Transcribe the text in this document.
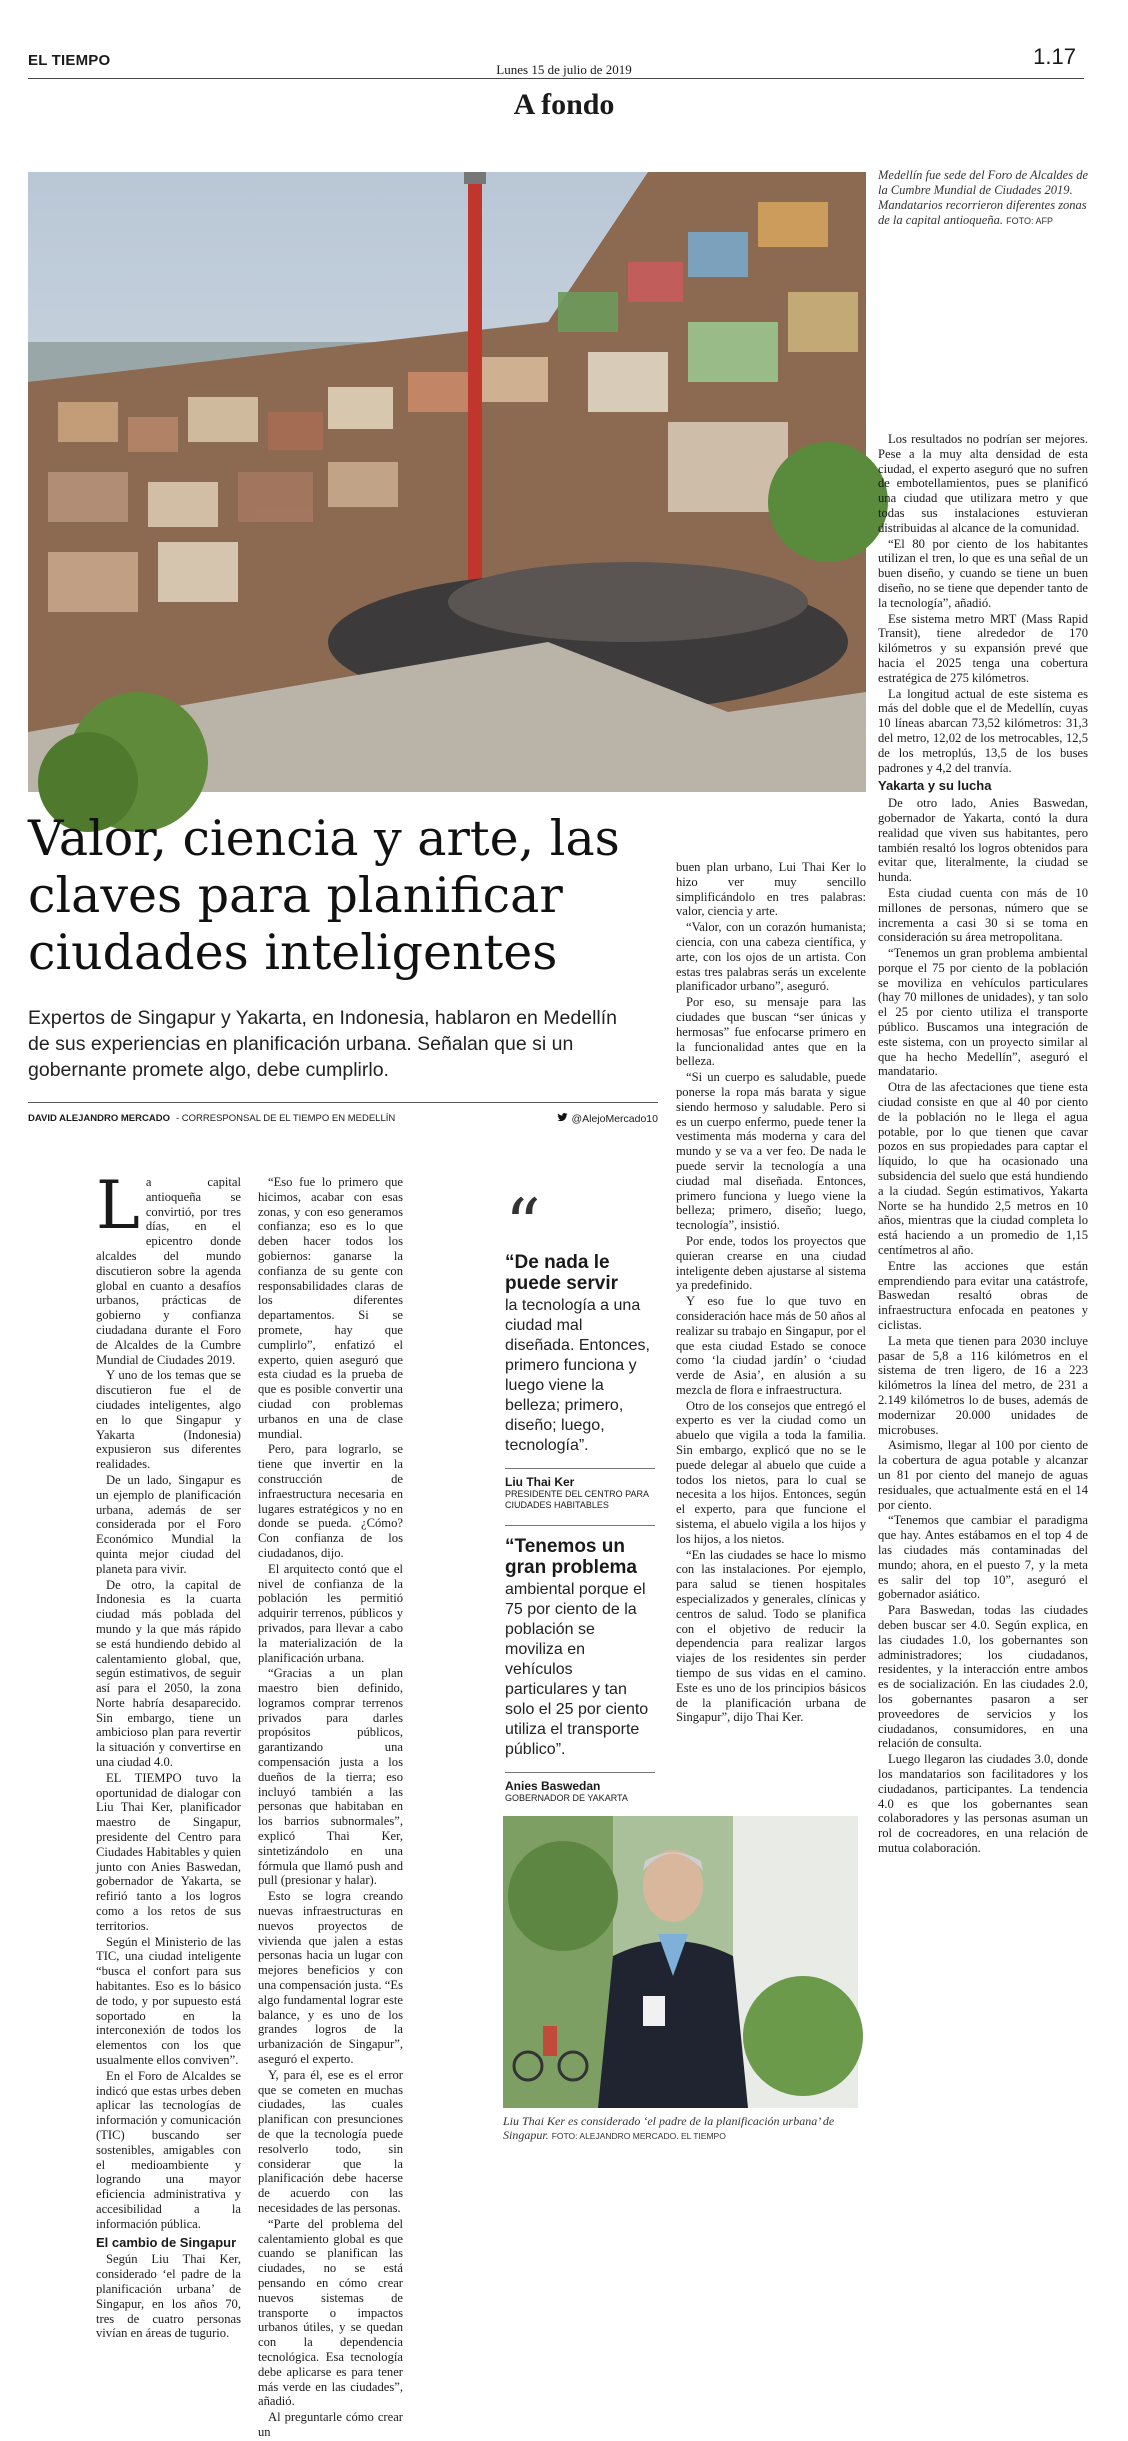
EL TIEMPO
Lunes 15 de julio de 2019
1.17
A fondo
Medellín fue sede del Foro de Alcaldes de la Cumbre Mundial de Ciudades 2019. Mandatarios recorrieron diferentes zonas de la capital antioqueña. FOTO: AFP
Valor, ciencia y arte, las claves para planificar ciudades inteligentes
Expertos de Singapur y Yakarta, en Indonesia, hablaron en Medellín de sus experiencias en planificación urbana. Señalan que si un gobernante promete algo, debe cumplirlo.
DAVID ALEJANDRO MERCADO - CORRESPONSAL DE EL TIEMPO EN MEDELLÍN	@AlejoMercado10

La capital antioqueña se convirtió, por tres días, en el epicentro donde alcaldes del mundo discutieron sobre la agenda global en cuanto a desafíos urbanos, prácticas de gobierno y confianza ciudadana durante el Foro de Alcaldes de la Cumbre Mundial de Ciudades 2019.

Y uno de los temas que se discutieron fue el de ciudades inteligentes, algo en lo que Singapur y Yakarta (Indonesia) expusieron sus diferentes realidades.

De un lado, Singapur es un ejemplo de planificación urbana, además de ser considerada por el Foro Económico Mundial la quinta mejor ciudad del planeta para vivir.

De otro, la capital de Indonesia es la cuarta ciudad más poblada del mundo y la que más rápido se está hundiendo debido al calentamiento global, que, según estimativos, de seguir así para el 2050, la zona Norte habría desaparecido. Sin embargo, tiene un ambicioso plan para revertir la situación y convertirse en una ciudad 4.0.

EL TIEMPO tuvo la oportunidad de dialogar con Liu Thai Ker, planificador maestro de Singapur, presidente del Centro para Ciudades Habitables y quien junto con Anies Baswedan, gobernador de Yakarta, se refirió tanto a los logros como a los retos de sus territorios.

Según el Ministerio de las TIC, una ciudad inteligente “busca el confort para sus habitantes. Eso es lo básico de todo, y por supuesto está soportado en la interconexión de todos los elementos con los que usualmente ellos conviven”.

En el Foro de Alcaldes se indicó que estas urbes deben aplicar las tecnologías de información y comunicación (TIC) buscando ser sostenibles, amigables con el medioambiente y logrando una mayor eficiencia administrativa y accesibilidad a la información pública.

El cambio de Singapur

Según Liu Thai Ker, considerado ‘el padre de la planificación urbana’ de Singapur, en los años 70, tres de cuatro personas vivían en áreas de tugurio.

“Eso fue lo primero que hicimos, acabar con esas zonas, y con eso generamos confianza; eso es lo que deben hacer todos los gobiernos: ganarse la confianza de su gente con responsabilidades claras de los diferentes departamentos. Si se promete, hay que cumplirlo”, enfatizó el experto, quien aseguró que esta ciudad es la prueba de que es posible convertir una ciudad con problemas urbanos en una de clase mundial.

Pero, para lograrlo, se tiene que invertir en la construcción de infraestructura necesaria en lugares estratégicos y no en donde se pueda. ¿Cómo? Con confianza de los ciudadanos, dijo.

El arquitecto contó que el nivel de confianza de la población les permitió adquirir terrenos, públicos y privados, para llevar a cabo la materialización de la planificación urbana.

“Gracias a un plan maestro bien definido, logramos comprar terrenos privados para darles propósitos públicos, garantizando una compensación justa a los dueños de la tierra; eso incluyó también a las personas que habitaban en los barrios subnormales”, explicó Thai Ker, sintetizándolo en una fórmula que llamó push and pull (presionar y halar).

Esto se logra creando nuevas infraestructuras en nuevos proyectos de vivienda que jalen a estas personas hacia un lugar con mejores beneficios y con una compensación justa. “Es algo fundamental lograr este balance, y es uno de los grandes logros de la urbanización de Singapur”, aseguró el experto.

Y, para él, ese es el error que se cometen en muchas ciudades, las cuales planifican con presunciones de que la tecnología puede resolverlo todo, sin considerar que la planificación debe hacerse de acuerdo con las necesidades de las personas.

“Parte del problema del calentamiento global es que cuando se planifican las ciudades, no se está pensando en cómo crear nuevos sistemas de transporte o impactos urbanos útiles, y se quedan con la dependencia tecnológica. Esa tecnología debe aplicarse es para tener más verde en las ciudades”, añadió.

Al preguntarle cómo crear un

“
“De nada le puede servir
la tecnología a una ciudad mal diseñada. Entonces, primero funciona y luego viene la belleza; primero, diseño; luego, tecnología”.
Liu Thai Ker
PRESIDENTE DEL CENTRO PARA CIUDADES HABITABLES
“Tenemos un gran problema
ambiental porque el 75 por ciento de la población se moviliza en vehículos particulares y tan solo el 25 por ciento utiliza el transporte público”.
Anies Baswedan
GOBERNADOR DE YAKARTA

buen plan urbano, Lui Thai Ker lo hizo ver muy sencillo simplificándolo en tres palabras: valor, ciencia y arte.

“Valor, con un corazón humanista; ciencia, con una cabeza científica, y arte, con los ojos de un artista. Con estas tres palabras serás un excelente planificador urbano”, aseguró.

Por eso, su mensaje para las ciudades que buscan “ser únicas y hermosas” fue enfocarse primero en la funcionalidad antes que en la belleza.

“Si un cuerpo es saludable, puede ponerse la ropa más barata y sigue siendo hermoso y saludable. Pero si es un cuerpo enfermo, puede tener la vestimenta más moderna y cara del mundo y se va a ver feo. De nada le puede servir la tecnología a una ciudad mal diseñada. Entonces, primero funciona y luego viene la belleza; primero, diseño; luego, tecnología”, insistió.

Por ende, todos los proyectos que quieran crearse en una ciudad inteligente deben ajustarse al sistema ya predefinido.

Y eso fue lo que tuvo en consideración hace más de 50 años al realizar su trabajo en Singapur, por el que esta ciudad Estado se conoce como ‘la ciudad jardín’ o ‘ciudad verde de Asia’, en alusión a su mezcla de flora e infraestructura.

Otro de los consejos que entregó el experto es ver la ciudad como un abuelo que vigila a toda la familia. Sin embargo, explicó que no se le puede delegar al abuelo que cuide a todos los nietos, para lo cual se necesita a los hijos. Entonces, según el experto, para que funcione el sistema, el abuelo vigila a los hijos y los hijos, a los nietos.

“En las ciudades se hace lo mismo con las instalaciones. Por ejemplo, para salud se tienen hospitales especializados y generales, clínicas y centros de salud. Todo se planifica con el objetivo de reducir la dependencia para realizar largos viajes de los residentes sin perder tiempo de sus vidas en el camino. Este es uno de los principios básicos de la planificación urbana de Singapur”, dijo Thai Ker.

Los resultados no podrían ser mejores. Pese a la muy alta densidad de esta ciudad, el experto aseguró que no sufren de embotellamientos, pues se planificó una ciudad que utilizara metro y que todas sus instalaciones estuvieran distribuidas al alcance de la comunidad.

“El 80 por ciento de los habitantes utilizan el tren, lo que es una señal de un buen diseño, y cuando se tiene un buen diseño, no se tiene que depender tanto de la tecnología”, añadió.

Ese sistema metro MRT (Mass Rapid Transit), tiene alrededor de 170 kilómetros y su expansión prevé que hacia el 2025 tenga una cobertura estratégica de 275 kilómetros.

La longitud actual de este sistema es más del doble que el de Medellín, cuyas 10 líneas abarcan 73,52 kilómetros: 31,3 del metro, 12,02 de los metrocables, 12,5 de los metroplús, 13,5 de los buses padrones y 4,2 del tranvía.

Yakarta y su lucha

De otro lado, Anies Baswedan, gobernador de Yakarta, contó la dura realidad que viven sus habitantes, pero también resaltó los logros obtenidos para evitar que, literalmente, la ciudad se hunda.

Esta ciudad cuenta con más de 10 millones de personas, número que se incrementa a casi 30 si se toma en consideración su área metropolitana.

“Tenemos un gran problema ambiental porque el 75 por ciento de la población se moviliza en vehículos particulares (hay 70 millones de unidades), y tan solo el 25 por ciento utiliza el transporte público. Buscamos una integración de este sistema, con un proyecto similar al que ha hecho Medellín”, aseguró el mandatario.

Otra de las afectaciones que tiene esta ciudad consiste en que al 40 por ciento de la población no le llega el agua potable, por lo que tienen que cavar pozos en sus propiedades para captar el líquido, lo que ha ocasionado una subsidencia del suelo que está hundiendo a la ciudad. Según estimativos, Yakarta Norte se ha hundido 2,5 metros en 10 años, mientras que la ciudad completa lo está haciendo a un promedio de 1,15 centímetros al año.

Entre las acciones que están emprendiendo para evitar una catástrofe, Baswedan resaltó obras de infraestructura enfocada en peatones y ciclistas.

La meta que tienen para 2030 incluye pasar de 5,8 a 116 kilómetros en el sistema de tren ligero, de 16 a 223 kilómetros la línea del metro, de 231 a 2.149 kilómetros lo de buses, además de modernizar 20.000 unidades de microbuses.

Asimismo, llegar al 100 por ciento de la cobertura de agua potable y alcanzar un 81 por ciento del manejo de aguas residuales, que actualmente está en el 14 por ciento.

“Tenemos que cambiar el paradigma que hay. Antes estábamos en el top 4 de las ciudades más contaminadas del mundo; ahora, en el puesto 7, y la meta es salir del top 10”, aseguró el gobernador asiático.

Para Baswedan, todas las ciudades deben buscar ser 4.0. Según explica, en las ciudades 1.0, los gobernantes son administradores; los ciudadanos, residentes, y la interacción entre ambos es de socialización. En las ciudades 2.0, los gobernantes pasaron a ser proveedores de servicios y los ciudadanos, consumidores, en una relación de consulta.

Luego llegaron las ciudades 3.0, donde los mandatarios son facilitadores y los ciudadanos, participantes. La tendencia 4.0 es que los gobernantes sean colaboradores y las personas asuman un rol de cocreadores, en una relación de mutua colaboración.

Liu Thai Ker es considerado ‘el padre de la planificación urbana’ de Singapur. FOTO: ALEJANDRO MERCADO. EL TIEMPO
